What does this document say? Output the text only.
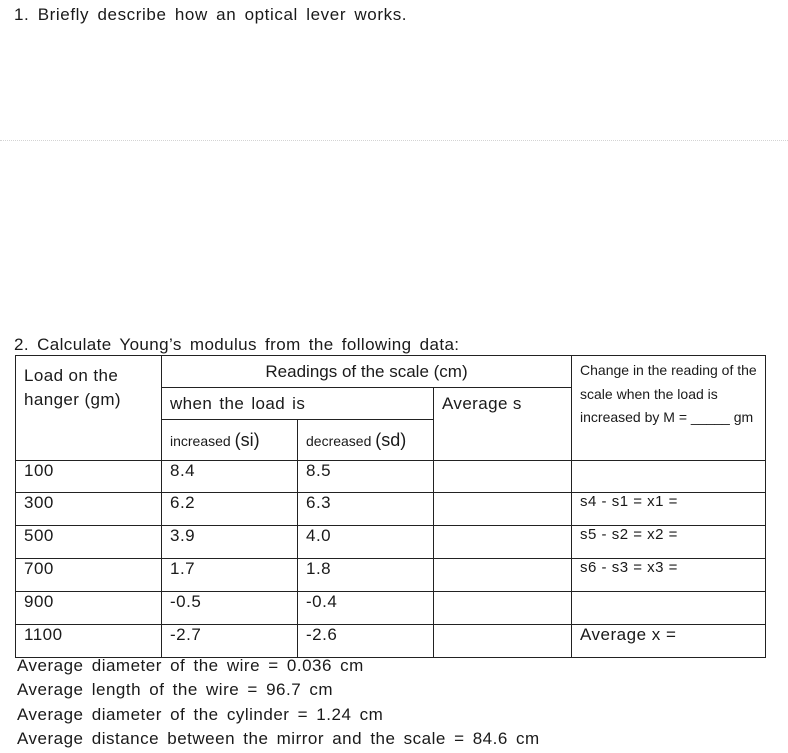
1. Briefly describe how an optical lever works.
2. Calculate Young’s modulus from the following data:
Load on the hanger (gm)	Readings of the scale (cm)			Change in the reading of the scale when the load is increased by M = _____ gm
	when the load is		Average s	
	increased (si)	decreased (sd)		
100	8.4	8.5		
300	6.2	6.3		s4 - s1 = x1 =
500	3.9	4.0		s5 - s2 = x2 =
700	1.7	1.8		s6 - s3 = x3 =
900	-0.5	-0.4		
1100	-2.7	-2.6		Average x =
Average diameter of the wire = 0.036 cm
Average length of the wire = 96.7 cm
Average diameter of the cylinder = 1.24 cm
Average distance between the mirror and the scale = 84.6 cm
